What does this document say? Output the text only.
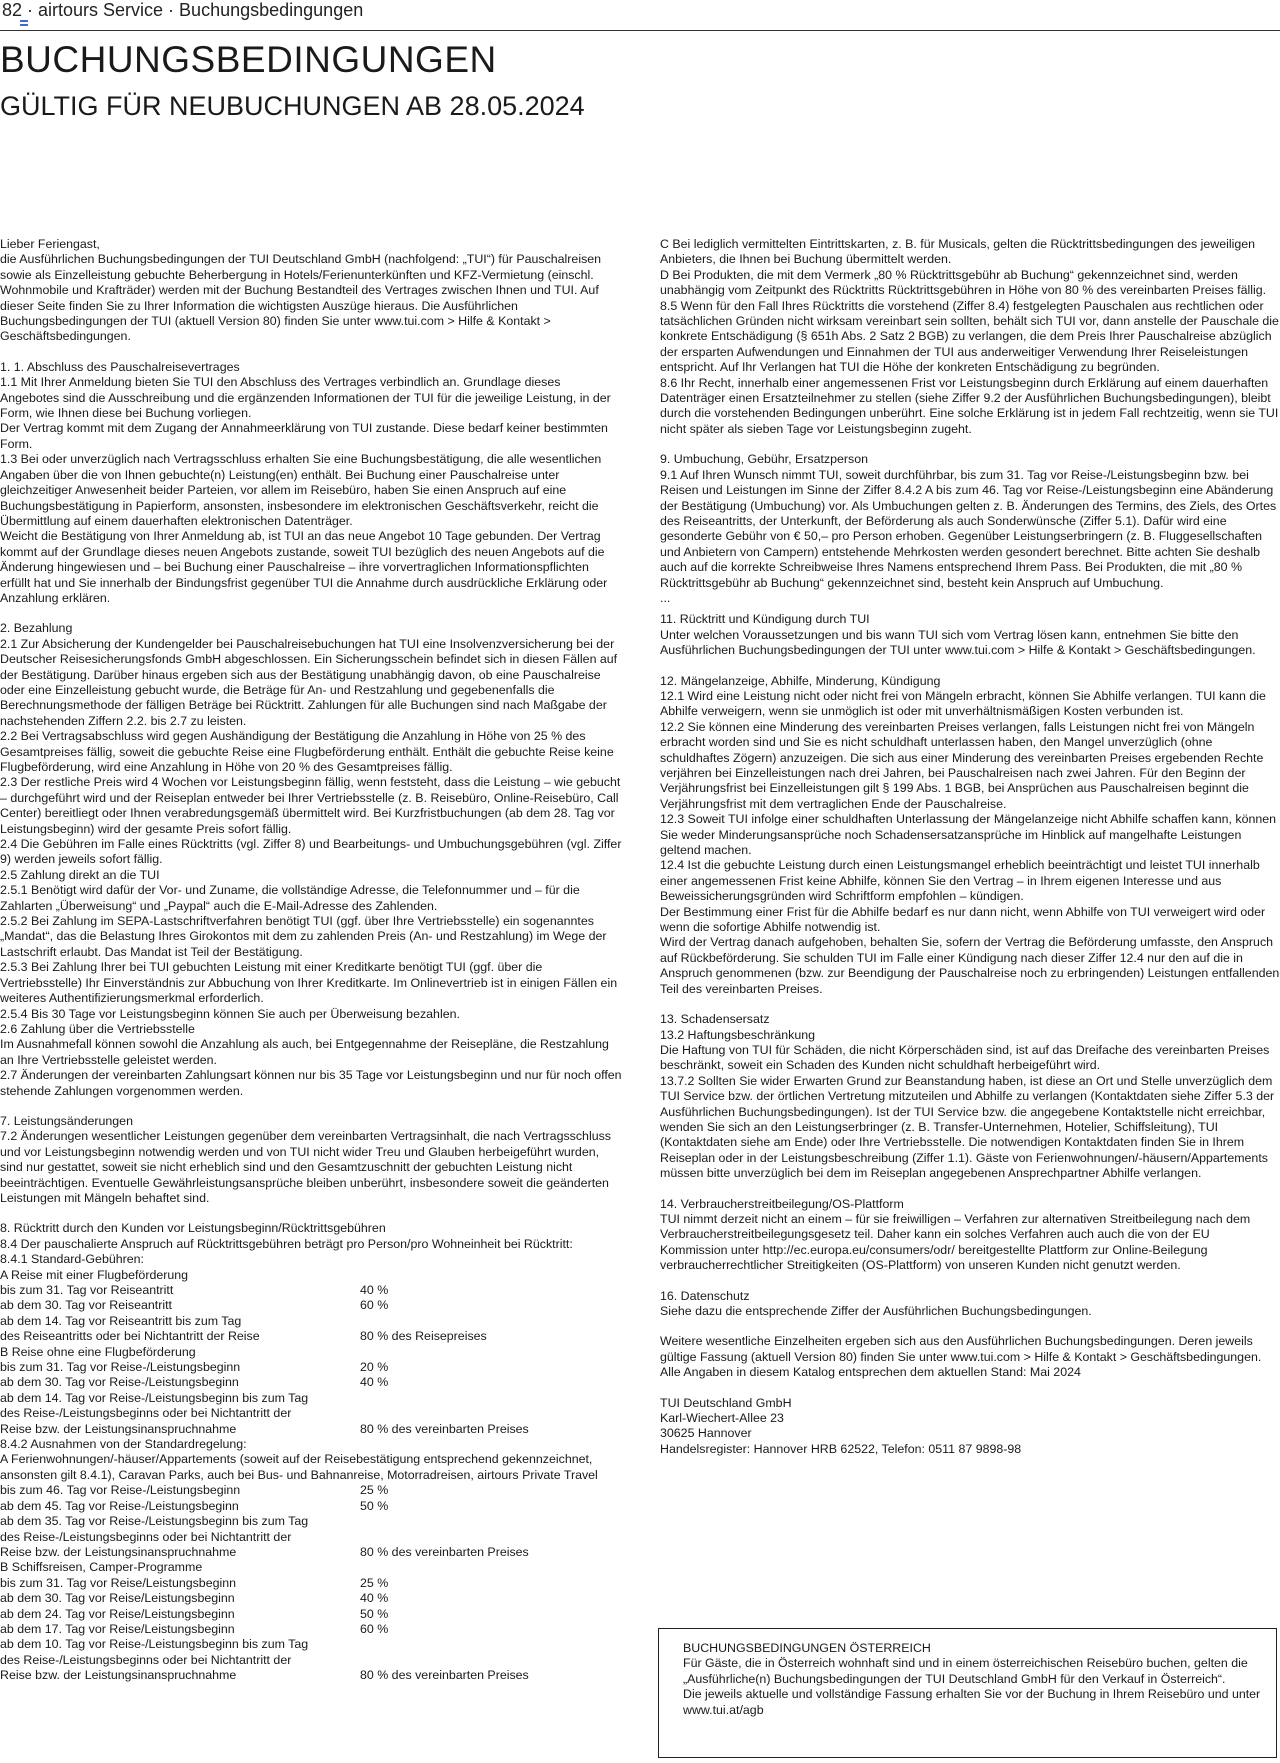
82 · airtours Service · Buchungsbedingungen
BUCHUNGSBEDINGUNGEN
GÜLTIG FÜR NEUBUCHUNGEN AB 28.05.2024

Lieber Feriengast,

die Ausführlichen Buchungsbedingungen der TUI Deutschland GmbH (nachfolgend: „TUI“) für Pauschalreisen sowie als Einzelleistung gebuchte Beherbergung in Hotels/Ferienunterkünften und KFZ-Vermietung (einschl. Wohnmobile und Krafträder) werden mit der Buchung Bestandteil des Vertrages zwischen Ihnen und TUI. Auf dieser Seite finden Sie zu Ihrer Information die wichtigsten Auszüge hieraus. Die Ausführlichen Buchungsbedingungen der TUI (aktuell Version 80) finden Sie unter www.tui.com > Hilfe & Kontakt > Geschäftsbedingungen.

1. 1. Abschluss des Pauschalreisevertrages

1.1 Mit Ihrer Anmeldung bieten Sie TUI den Abschluss des Vertrages verbindlich an. Grundlage dieses Angebotes sind die Ausschreibung und die ergänzenden Informationen der TUI für die jeweilige Leistung, in der Form, wie Ihnen diese bei Buchung vorliegen.

Der Vertrag kommt mit dem Zugang der Annahmeerklärung von TUI zustande. Diese bedarf keiner bestimmten Form.

1.3 Bei oder unverzüglich nach Vertragsschluss erhalten Sie eine Buchungsbestätigung, die alle wesentlichen Angaben über die von Ihnen gebuchte(n) Leistung(en) enthält. Bei Buchung einer Pauschalreise unter gleichzeitiger Anwesenheit beider Parteien, vor allem im Reisebüro, haben Sie einen Anspruch auf eine Buchungsbestätigung in Papierform, ansonsten, insbesondere im elektronischen Geschäftsverkehr, reicht die Übermittlung auf einem dauerhaften elektronischen Datenträger.

Weicht die Bestätigung von Ihrer Anmeldung ab, ist TUI an das neue Angebot 10 Tage gebunden. Der Vertrag kommt auf der Grundlage dieses neuen Angebots zustande, soweit TUI bezüglich des neuen Angebots auf die Änderung hingewiesen und – bei Buchung einer Pauschalreise – ihre vorvertraglichen Informationspflichten erfüllt hat und Sie innerhalb der Bindungsfrist gegenüber TUI die Annahme durch ausdrückliche Erklärung oder Anzahlung erklären.

2. Bezahlung

2.1 Zur Absicherung der Kundengelder bei Pauschalreisebuchungen hat TUI eine Insolvenzversicherung bei der Deutscher Reisesicherungsfonds GmbH abgeschlossen. Ein Sicherungsschein befindet sich in diesen Fällen auf der Bestätigung. Darüber hinaus ergeben sich aus der Bestätigung unabhängig davon, ob eine Pauschalreise oder eine Einzelleistung gebucht wurde, die Beträge für An- und Restzahlung und gegebenenfalls die Berechnungsmethode der fälligen Beträge bei Rücktritt. Zahlungen für alle Buchungen sind nach Maßgabe der nachstehenden Ziffern 2.2. bis 2.7 zu leisten.

2.2 Bei Vertragsabschluss wird gegen Aushändigung der Bestätigung die Anzahlung in Höhe von 25 % des Gesamtpreises fällig, soweit die gebuchte Reise eine Flugbeförderung enthält. Enthält die gebuchte Reise keine Flugbeförderung, wird eine Anzahlung in Höhe von 20 % des Gesamtpreises fällig.

2.3 Der restliche Preis wird 4 Wochen vor Leistungsbeginn fällig, wenn feststeht, dass die Leistung – wie gebucht – durchgeführt wird und der Reiseplan entweder bei Ihrer Vertriebsstelle (z. B. Reisebüro, Online-Reisebüro, Call Center) bereitliegt oder Ihnen verabredungsgemäß übermittelt wird. Bei Kurzfristbuchungen (ab dem 28. Tag vor Leistungsbeginn) wird der gesamte Preis sofort fällig.

2.4 Die Gebühren im Falle eines Rücktritts (vgl. Ziffer 8) und Bearbeitungs- und Umbuchungsgebühren (vgl. Ziffer 9) werden jeweils sofort fällig.

2.5 Zahlung direkt an die TUI

2.5.1 Benötigt wird dafür der Vor- und Zuname, die vollständige Adresse, die Telefonnummer und – für die Zahlarten „Überweisung“ und „Paypal“ auch die E-Mail-Adresse des Zahlenden.

2.5.2 Bei Zahlung im SEPA-Lastschriftverfahren benötigt TUI (ggf. über Ihre Vertriebsstelle) ein sogenanntes „Mandat“, das die Belastung Ihres Girokontos mit dem zu zahlenden Preis (An- und Restzahlung) im Wege der Lastschrift erlaubt. Das Mandat ist Teil der Bestätigung.

2.5.3 Bei Zahlung Ihrer bei TUI gebuchten Leistung mit einer Kreditkarte benötigt TUI (ggf. über die Vertriebsstelle) Ihr Einverständnis zur Abbuchung von Ihrer Kreditkarte. Im Onlinevertrieb ist in einigen Fällen ein weiteres Authentifizierungsmerkmal erforderlich.

2.5.4 Bis 30 Tage vor Leistungsbeginn können Sie auch per Überweisung bezahlen.

2.6 Zahlung über die Vertriebsstelle

Im Ausnahmefall können sowohl die Anzahlung als auch, bei Entgegennahme der Reisepläne, die Restzahlung an Ihre Vertriebsstelle geleistet werden.

2.7 Änderungen der vereinbarten Zahlungsart können nur bis 35 Tage vor Leistungsbeginn und nur für noch offen stehende Zahlungen vorgenommen werden.

7. Leistungsänderungen

7.2 Änderungen wesentlicher Leistungen gegenüber dem vereinbarten Vertragsinhalt, die nach Vertragsschluss und vor Leistungsbeginn notwendig werden und von TUI nicht wider Treu und Glauben herbeigeführt wurden, sind nur gestattet, soweit sie nicht erheblich sind und den Gesamtzuschnitt der gebuchten Leistung nicht beeinträchtigen. Eventuelle Gewährleistungsansprüche bleiben unberührt, insbesondere soweit die geänderten Leistungen mit Mängeln behaftet sind.

8. Rücktritt durch den Kunden vor Leistungsbeginn/Rücktrittsgebühren

8.4 Der pauschalierte Anspruch auf Rücktrittsgebühren beträgt pro Person/pro Wohneinheit bei Rücktritt:

8.4.1 Standard-Gebühren:

A Reise mit einer Flugbeförderung

bis zum 31. Tag vor Reiseantritt	40 %
ab dem 30. Tag vor Reiseantritt	60 %
ab dem 14. Tag vor Reiseantritt bis zum Tag
des Reiseantritts oder bei Nichtantritt der Reise	80 % des Reisepreises

B Reise ohne eine Flugbeförderung

bis zum 31. Tag vor Reise-/Leistungsbeginn	20 %
ab dem 30. Tag vor Reise-/Leistungsbeginn	40 %
ab dem 14. Tag vor Reise-/Leistungsbeginn bis zum Tag
des Reise-/Leistungsbeginns oder bei Nichtantritt der
Reise bzw. der Leistungsinanspruchnahme	80 % des vereinbarten Preises

8.4.2 Ausnahmen von der Standardregelung:

A Ferienwohnungen/-häuser/Appartements (soweit auf der Reisebestätigung entsprechend gekennzeichnet, ansonsten gilt 8.4.1), Caravan Parks, auch bei Bus- und Bahnanreise, Motorradreisen, airtours Private Travel

bis zum 46. Tag vor Reise-/Leistungsbeginn	25 %
ab dem 45. Tag vor Reise-/Leistungsbeginn	50 %
ab dem 35. Tag vor Reise-/Leistungsbeginn bis zum Tag
des Reise-/Leistungsbeginns oder bei Nichtantritt der
Reise bzw. der Leistungsinanspruchnahme	80 % des vereinbarten Preises

B Schiffsreisen, Camper-Programme

bis zum 31. Tag vor Reise/Leistungsbeginn	25 %
ab dem 30. Tag vor Reise/Leistungsbeginn	40 %
ab dem 24. Tag vor Reise/Leistungsbeginn	50 %
ab dem 17. Tag vor Reise/Leistungsbeginn	60 %
ab dem 10. Tag vor Reise-/Leistungsbeginn bis zum Tag
des Reise-/Leistungsbeginns oder bei Nichtantritt der
Reise bzw. der Leistungsinanspruchnahme	80 % des vereinbarten Preises

C Bei lediglich vermittelten Eintrittskarten, z. B. für Musicals, gelten die Rücktrittsbedingungen des jeweiligen Anbieters, die Ihnen bei Buchung übermittelt werden.

D Bei Produkten, die mit dem Vermerk „80 % Rücktrittsgebühr ab Buchung“ gekennzeichnet sind, werden unabhängig vom Zeitpunkt des Rücktritts Rücktrittsgebühren in Höhe von 80 % des vereinbarten Preises fällig.

8.5 Wenn für den Fall Ihres Rücktritts die vorstehend (Ziffer 8.4) festgelegten Pauschalen aus rechtlichen oder tatsächlichen Gründen nicht wirksam vereinbart sein sollten, behält sich TUI vor, dann anstelle der Pauschale die konkrete Entschädigung (§ 651h Abs. 2 Satz 2 BGB) zu verlangen, die dem Preis Ihrer Pauschalreise abzüglich der ersparten Aufwendungen und Einnahmen der TUI aus anderweitiger Verwendung Ihrer Reiseleistungen entspricht. Auf Ihr Verlangen hat TUI die Höhe der konkreten Entschädigung zu begründen.

8.6 Ihr Recht, innerhalb einer angemessenen Frist vor Leistungsbeginn durch Erklärung auf einem dauerhaften Datenträger einen Ersatzteilnehmer zu stellen (siehe Ziffer 9.2 der Ausführlichen Buchungsbedingungen), bleibt durch die vorstehenden Bedingungen unberührt. Eine solche Erklärung ist in jedem Fall rechtzeitig, wenn sie TUI nicht später als sieben Tage vor Leistungsbeginn zugeht.

9. Umbuchung, Gebühr, Ersatzperson

9.1 Auf Ihren Wunsch nimmt TUI, soweit durchführbar, bis zum 31. Tag vor Reise-/Leistungsbeginn bzw. bei Reisen und Leistungen im Sinne der Ziffer 8.4.2 A bis zum 46. Tag vor Reise-/Leistungsbeginn eine Abänderung der Bestätigung (Umbuchung) vor. Als Umbuchungen gelten z. B. Änderungen des Termins, des Ziels, des Ortes des Reiseantritts, der Unterkunft, der Beförderung als auch Sonderwünsche (Ziffer 5.1). Dafür wird eine gesonderte Gebühr von € 50,– pro Person erhoben. Gegenüber Leistungserbringern (z. B. Fluggesellschaften und Anbietern von Campern) entstehende Mehrkosten werden gesondert berechnet. Bitte achten Sie deshalb auch auf die korrekte Schreibweise Ihres Namens entsprechend Ihrem Pass. Bei Produkten, die mit „80 % Rücktrittsgebühr ab Buchung“ gekennzeichnet sind, besteht kein Anspruch auf Umbuchung.

...

11. Rücktritt und Kündigung durch TUI

Unter welchen Voraussetzungen und bis wann TUI sich vom Vertrag lösen kann, entnehmen Sie bitte den Ausführlichen Buchungsbedingungen der TUI unter www.tui.com > Hilfe & Kontakt > Geschäftsbedingungen.

12. Mängelanzeige, Abhilfe, Minderung, Kündigung

12.1 Wird eine Leistung nicht oder nicht frei von Mängeln erbracht, können Sie Abhilfe verlangen. TUI kann die Abhilfe verweigern, wenn sie unmöglich ist oder mit unverhältnismäßigen Kosten verbunden ist.

12.2 Sie können eine Minderung des vereinbarten Preises verlangen, falls Leistungen nicht frei von Mängeln erbracht worden sind und Sie es nicht schuldhaft unterlassen haben, den Mangel unverzüglich (ohne schuldhaftes Zögern) anzuzeigen. Die sich aus einer Minderung des vereinbarten Preises ergebenden Rechte verjähren bei Einzelleistungen nach drei Jahren, bei Pauschalreisen nach zwei Jahren. Für den Beginn der Verjährungsfrist bei Einzelleistungen gilt § 199 Abs. 1 BGB, bei Ansprüchen aus Pauschalreisen beginnt die Verjährungsfrist mit dem vertraglichen Ende der Pauschalreise.

12.3 Soweit TUI infolge einer schuldhaften Unterlassung der Mängelanzeige nicht Abhilfe schaffen kann, können Sie weder Minderungsansprüche noch Schadensersatzansprüche im Hinblick auf mangelhafte Leistungen geltend machen.

12.4 Ist die gebuchte Leistung durch einen Leistungsmangel erheblich beeinträchtigt und leistet TUI innerhalb einer angemessenen Frist keine Abhilfe, können Sie den Vertrag – in Ihrem eigenen Interesse und aus Beweissicherungsgründen wird Schriftform empfohlen – kündigen.

Der Bestimmung einer Frist für die Abhilfe bedarf es nur dann nicht, wenn Abhilfe von TUI verweigert wird oder wenn die sofortige Abhilfe notwendig ist.

Wird der Vertrag danach aufgehoben, behalten Sie, sofern der Vertrag die Beförderung umfasste, den Anspruch auf Rückbeförderung. Sie schulden TUI im Falle einer Kündigung nach dieser Ziffer 12.4 nur den auf die in Anspruch genommenen (bzw. zur Beendigung der Pauschalreise noch zu erbringenden) Leistungen entfallenden Teil des vereinbarten Preises.

13. Schadensersatz

13.2 Haftungsbeschränkung

Die Haftung von TUI für Schäden, die nicht Körperschäden sind, ist auf das Dreifache des vereinbarten Preises beschränkt, soweit ein Schaden des Kunden nicht schuldhaft herbeigeführt wird.

13.7.2 Sollten Sie wider Erwarten Grund zur Beanstandung haben, ist diese an Ort und Stelle unverzüglich dem TUI Service bzw. der örtlichen Vertretung mitzuteilen und Abhilfe zu verlangen (Kontaktdaten siehe Ziffer 5.3 der Ausführlichen Buchungsbedingungen). Ist der TUI Service bzw. die angegebene Kontaktstelle nicht erreichbar, wenden Sie sich an den Leistungserbringer (z. B. Transfer-Unternehmen, Hotelier, Schiffsleitung), TUI (Kontaktdaten siehe am Ende) oder Ihre Vertriebsstelle. Die notwendigen Kontaktdaten finden Sie in Ihrem Reiseplan oder in der Leistungsbeschreibung (Ziffer 1.1). Gäste von Ferienwohnungen/-häusern/Appartements müssen bitte unverzüglich bei dem im Reiseplan angegebenen Ansprechpartner Abhilfe verlangen.

14. Verbraucherstreitbeilegung/OS-Plattform

TUI nimmt derzeit nicht an einem – für sie freiwilligen – Verfahren zur alternativen Streitbeilegung nach dem Verbraucherstreitbeilegungsgesetz teil. Daher kann ein solches Verfahren auch auch die von der EU Kommission unter http://ec.europa.eu/consumers/odr/ bereitgestellte Plattform zur Online-Beilegung verbraucherrechtlicher Streitigkeiten (OS-Plattform) von unseren Kunden nicht genutzt werden.

16. Datenschutz

Siehe dazu die entsprechende Ziffer der Ausführlichen Buchungsbedingungen.

Weitere wesentliche Einzelheiten ergeben sich aus den Ausführlichen Buchungsbedingungen. Deren jeweils gültige Fassung (aktuell Version 80) finden Sie unter www.tui.com > Hilfe & Kontakt > Geschäftsbedingungen.

Alle Angaben in diesem Katalog entsprechen dem aktuellen Stand: Mai 2024

TUI Deutschland GmbH

Karl-Wiechert-Allee 23

30625 Hannover

Handelsregister: Hannover HRB 62522, Telefon: 0511 87 9898-98

BUCHUNGSBEDINGUNGEN ÖSTERREICH

Für Gäste, die in Österreich wohnhaft sind und in einem österreichischen Reisebüro buchen, gelten die „Ausführliche(n) Buchungsbedingungen der TUI Deutschland GmbH für den Verkauf in Österreich“.

Die jeweils aktuelle und vollständige Fassung erhalten Sie vor der Buchung in Ihrem Reisebüro und unter www.tui.at/agb
